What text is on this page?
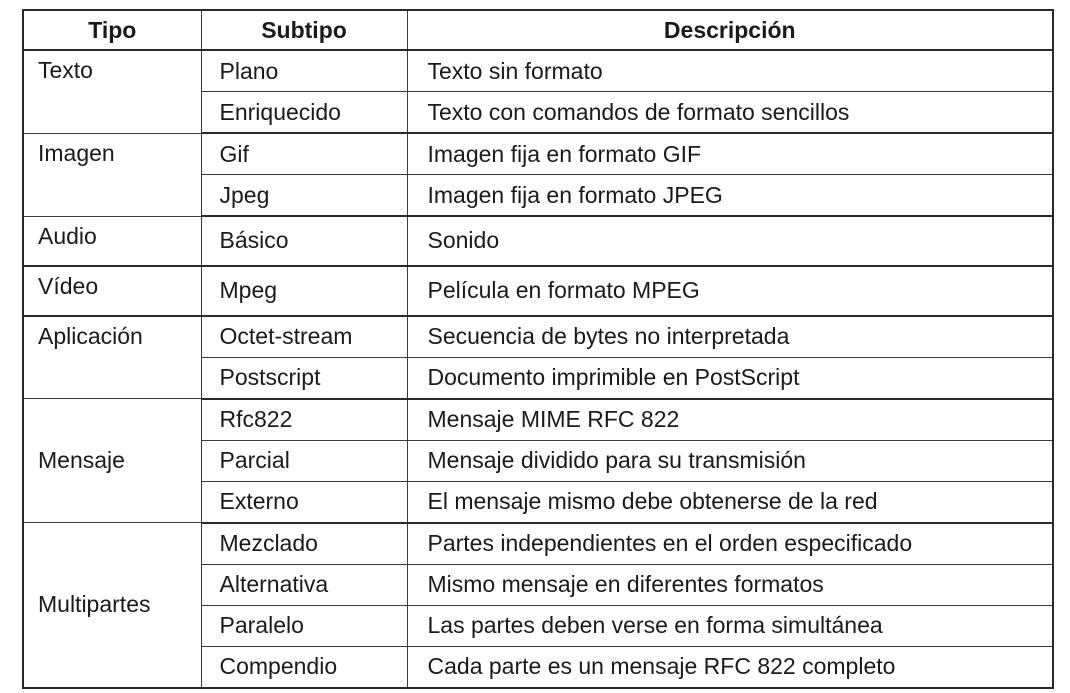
Tipo	Subtipo	Descripción
Texto	Plano	Texto sin formato
	Enriquecido	Texto con comandos de formato sencillos
Imagen	Gif	Imagen fija en formato GIF
	Jpeg	Imagen fija en formato JPEG
Audio	Básico	Sonido
Vídeo	Mpeg	Película en formato MPEG
Aplicación	Octet-stream	Secuencia de bytes no interpretada
	Postscript	Documento imprimible en PostScript
Mensaje	Rfc822	Mensaje MIME RFC 822
	Parcial	Mensaje dividido para su transmisión
	Externo	El mensaje mismo debe obtenerse de la red
Multipartes	Mezclado	Partes independientes en el orden especificado
	Alternativa	Mismo mensaje en diferentes formatos
	Paralelo	Las partes deben verse en forma simultánea
	Compendio	Cada parte es un mensaje RFC 822 completo
